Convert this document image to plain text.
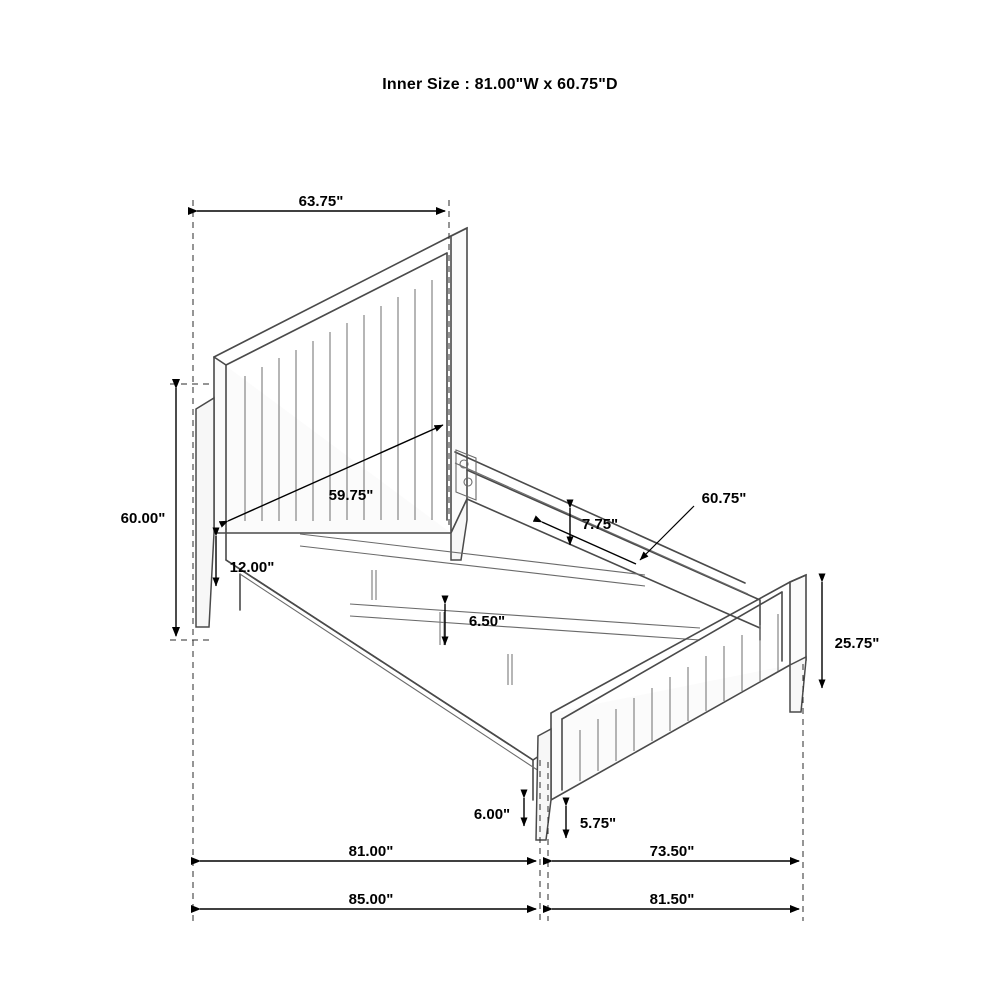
Inner Size : 81.00"W x 60.75"D
63.75"
60.00"
59.75"
12.00"
7.75"
6.50"
60.75"
25.75"
6.00"
5.75"
81.00"	73.50"
85.00"	81.50"
